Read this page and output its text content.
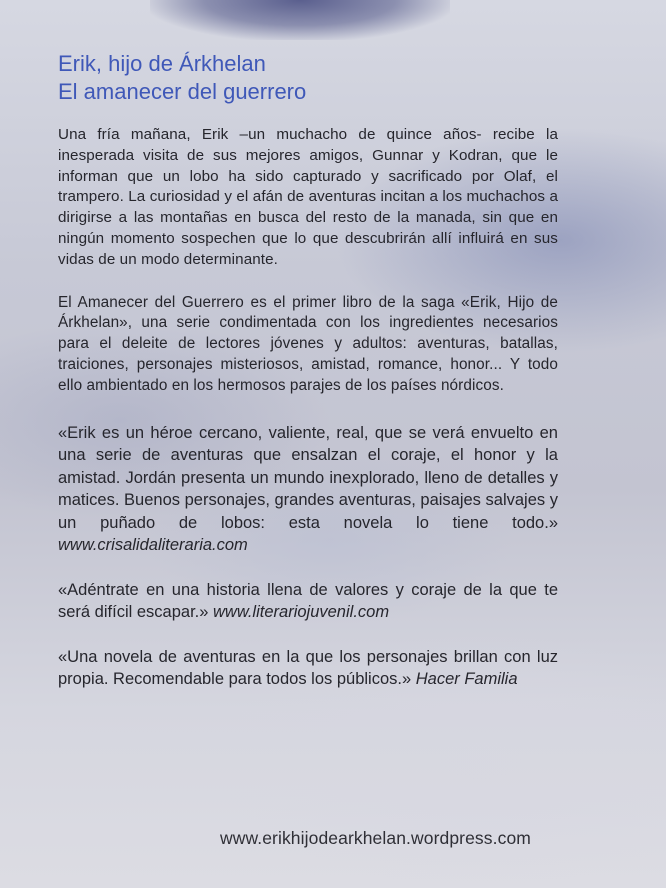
Erik, hijo de Árkhelan
El amanecer del guerrero

Una fría mañana, Erik –un muchacho de quince años- recibe la inesperada visita de sus mejores amigos, Gunnar y Kodran, que le informan que un lobo ha sido capturado y sacrificado por Olaf, el trampero. La curiosidad y el afán de aventuras incitan a los muchachos a dirigirse a las montañas en busca del resto de la manada, sin que en ningún momento sospechen que lo que descubrirán allí influirá en sus vidas de un modo determinante.

El Amanecer del Guerrero es el primer libro de la saga «Erik, Hijo de Árkhelan», una serie condimentada con los ingredientes necesarios para el deleite de lectores jóvenes y adultos: aventuras, batallas, traiciones, personajes misteriosos, amistad, romance, honor... Y todo ello ambientado en los hermosos parajes de los países nórdicos.

«Erik es un héroe cercano, valiente, real, que se verá envuelto en una serie de aventuras que ensalzan el coraje, el honor y la amistad. Jordán presenta un mundo inexplorado, lleno de detalles y matices. Buenos personajes, grandes aventuras, paisajes salvajes y un puñado de lobos: esta novela lo tiene todo.» www.crisalidaliteraria.com

«Adéntrate en una historia llena de valores y coraje de la que te será difícil escapar.» www.literariojuvenil.com

«Una novela de aventuras en la que los personajes brillan con luz propia. Recomendable para todos los públicos.» Hacer Familia

www.erikhijodearkhelan.wordpress.com
